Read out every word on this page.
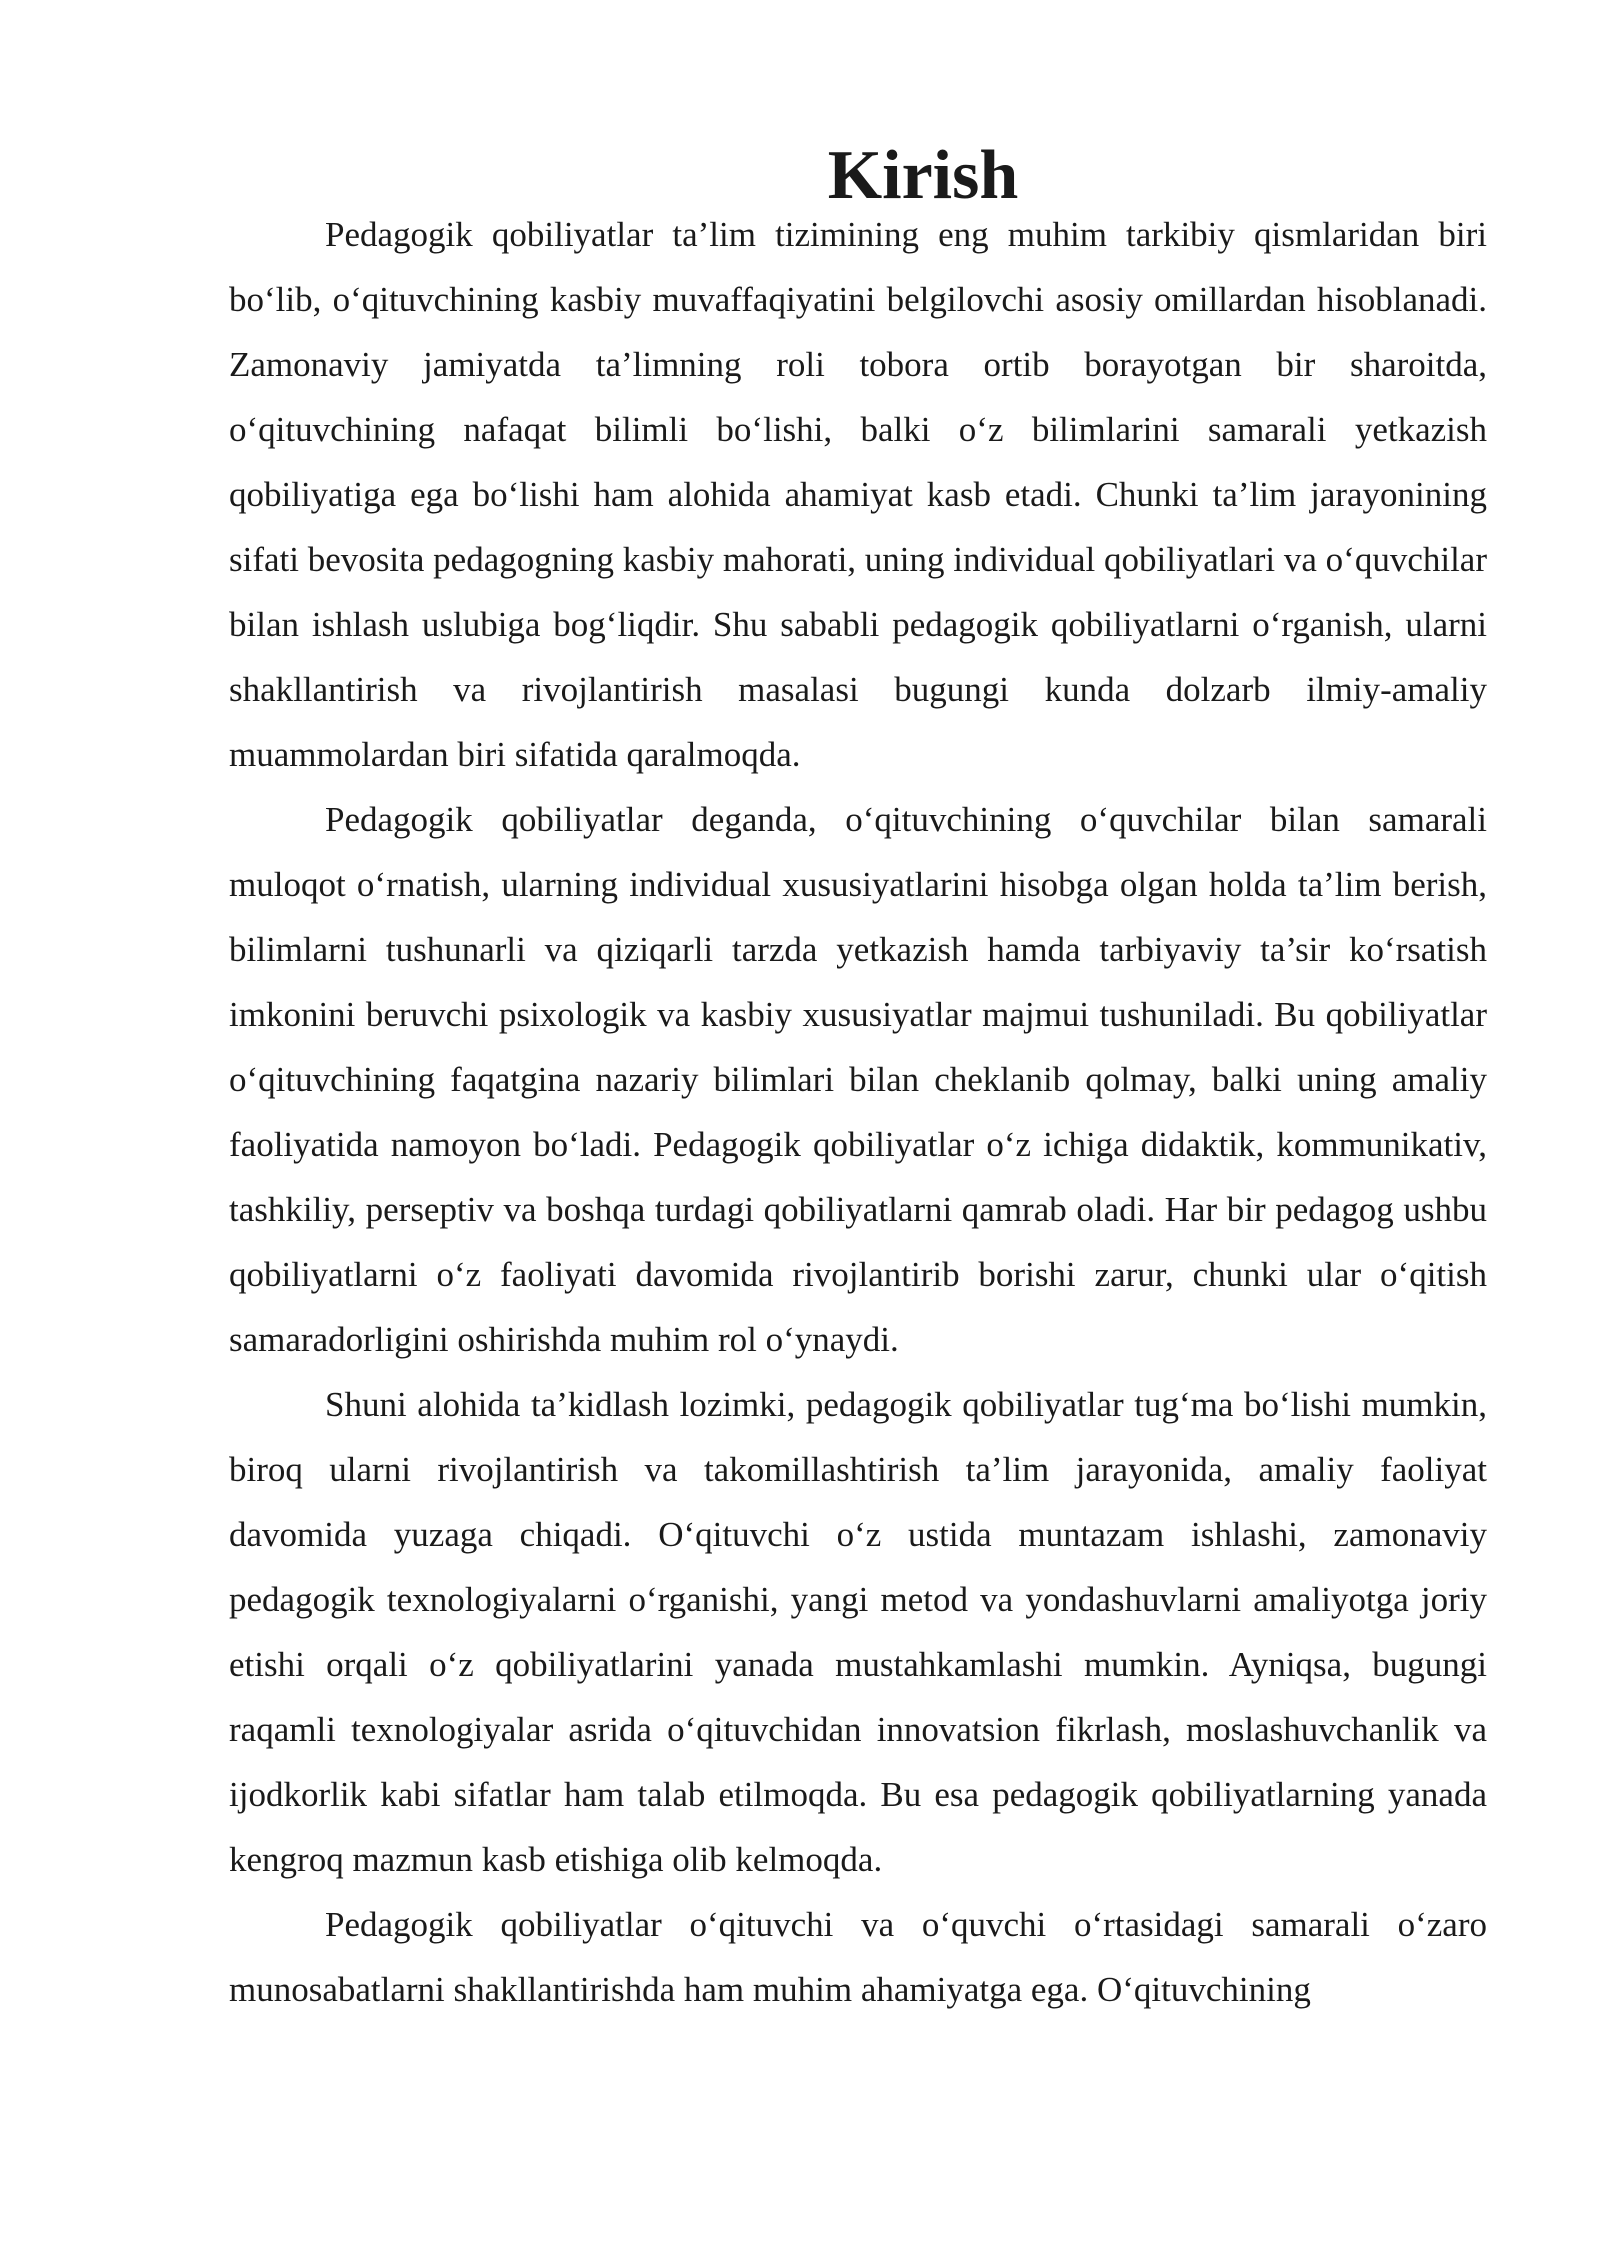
Kirish

Pedagogik qobiliyatlar ta’lim tizimining eng muhim tarkibiy qismlaridan biri bo‘lib, o‘qituvchining kasbiy muvaffaqiyatini belgilovchi asosiy omillardan hisoblanadi. Zamonaviy jamiyatda ta’limning roli tobora ortib borayotgan bir sharoitda, o‘qituvchining nafaqat bilimli bo‘lishi, balki o‘z bilimlarini samarali yetkazish qobiliyatiga ega bo‘lishi ham alohida ahamiyat kasb etadi. Chunki ta’lim jarayonining sifati bevosita pedagogning kasbiy mahorati, uning individual qobiliyatlari va o‘quvchilar bilan ishlash uslubiga bog‘liqdir. Shu sababli pedagogik qobiliyatlarni o‘rganish, ularni shakllantirish va rivojlantirish masalasi bugungi kunda dolzarb ilmiy-amaliy muammolardan biri sifatida qaralmoqda.

Pedagogik qobiliyatlar deganda, o‘qituvchining o‘quvchilar bilan samarali muloqot o‘rnatish, ularning individual xususiyatlarini hisobga olgan holda ta’lim berish, bilimlarni tushunarli va qiziqarli tarzda yetkazish hamda tarbiyaviy ta’sir ko‘rsatish imkonini beruvchi psixologik va kasbiy xususiyatlar majmui tushuniladi. Bu qobiliyatlar o‘qituvchining faqatgina nazariy bilimlari bilan cheklanib qolmay, balki uning amaliy faoliyatida namoyon bo‘ladi. Pedagogik qobiliyatlar o‘z ichiga didaktik, kommunikativ, tashkiliy, perseptiv va boshqa turdagi qobiliyatlarni qamrab oladi. Har bir pedagog ushbu qobiliyatlarni o‘z faoliyati davomida rivojlantirib borishi zarur, chunki ular o‘qitish samaradorligini oshirishda muhim rol o‘ynaydi.

Shuni alohida ta’kidlash lozimki, pedagogik qobiliyatlar tug‘ma bo‘lishi mumkin, biroq ularni rivojlantirish va takomillashtirish ta’lim jarayonida, amaliy faoliyat davomida yuzaga chiqadi. O‘qituvchi o‘z ustida muntazam ishlashi, zamonaviy pedagogik texnologiyalarni o‘rganishi, yangi metod va yondashuvlarni amaliyotga joriy etishi orqali o‘z qobiliyatlarini yanada mustahkamlashi mumkin. Ayniqsa, bugungi raqamli texnologiyalar asrida o‘qituvchidan innovatsion fikrlash, moslashuvchanlik va ijodkorlik kabi sifatlar ham talab etilmoqda. Bu esa pedagogik qobiliyatlarning yanada kengroq mazmun kasb etishiga olib kelmoqda.

Pedagogik qobiliyatlar o‘qituvchi va o‘quvchi o‘rtasidagi samarali o‘zaro munosabatlarni shakllantirishda ham muhim ahamiyatga ega. O‘qituvchining
